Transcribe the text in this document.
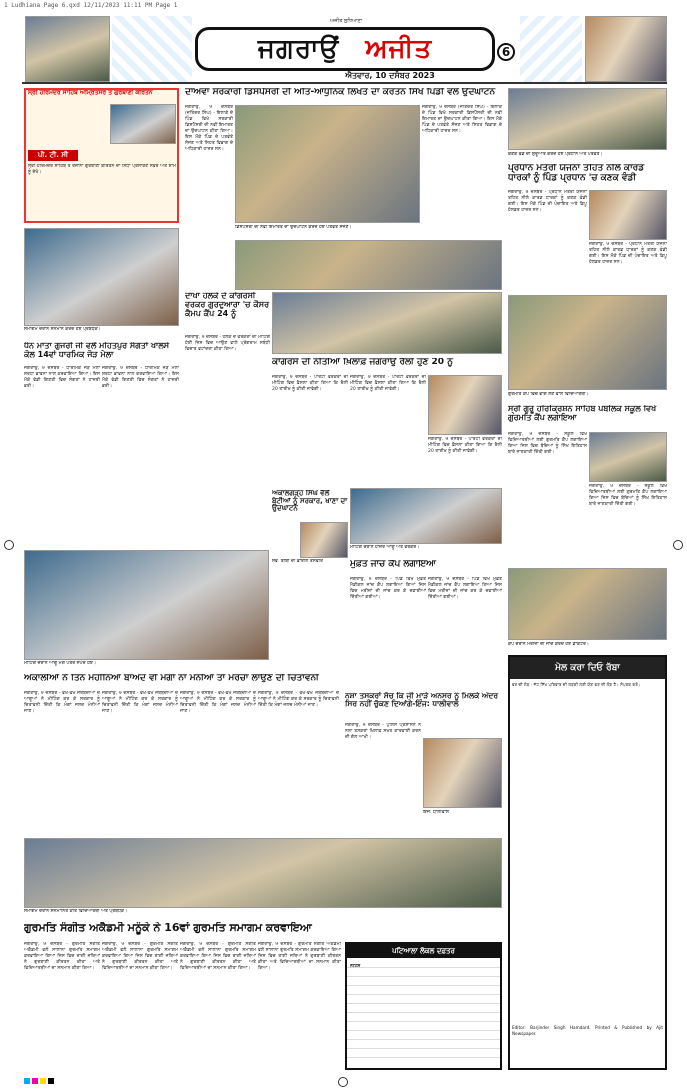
1 Ludhiana Page 6.qxd 12/11/2023 11:11 PM Page 1
ਅਜੀਤ ਲੁਧਿਆਣਾ
ਜਗਰਾਉਂ ਅਜੀਤ
ਐਤਵਾਰ, 10 ਦਸੰਬਰ 2023
6
ਸ੍ਰੀ ਹਰਿਮੰਦਰ ਸਾਹਿਬ ਅੰਮ੍ਰਿਤਸਰ ਤੋਂ ਗੁਰਬਾਣੀ ਕੀਰਤਨ
ਪੀ. ਟੀ. ਸੀ
ਸ੍ਰੀ ਹਰਿਮੰਦਰ ਸਾਹਿਬ ਤੋਂ ਰੋਜ਼ਾਨਾ ਗੁਰਬਾਣੀ ਕੀਰਤਨ ਦਾ ਸਿੱਧਾ ਪ੍ਰਸਾਰਣ ਸਵੇਰੇ ਅਤੇ ਸ਼ਾਮ ਨੂੰ ਦੇਖੋ।
ਦਾਅਵਾ ਸਰਕਾਰੀ ਡਿਸਪੈਂਸਰੀ ਦੀ ਅਤਿ-ਆਧੁਨਿਕ ਲਿਖਤ ਦਾ ਕਰਤਨ ਸਿੱਖ ਪਿੰਡੀ ਵਲੋਂ ਉਦਘਾਟਨ
ਜਗਰਾਉਂ, 9 ਦਸੰਬਰ (ਜਤਿੰਦਰ ਸਿੰਘ) - ਇਲਾਕੇ ਦੇ ਪਿੰਡ ਵਿਖੇ ਸਰਕਾਰੀ ਡਿਸਪੈਂਸਰੀ ਦੀ ਨਵੀਂ ਇਮਾਰਤ ਦਾ ਉਦਘਾਟਨ ਕੀਤਾ ਗਿਆ। ਇਸ ਮੌਕੇ ਪਿੰਡ ਦੇ ਪਤਵੰਤੇ ਸੱਜਣ ਅਤੇ ਸਿਹਤ ਵਿਭਾਗ ਦੇ ਅਧਿਕਾਰੀ ਹਾਜ਼ਰ ਸਨ।
ਜਗਰਾਉਂ, 9 ਦਸੰਬਰ (ਜਤਿੰਦਰ ਸਿੰਘ) - ਇਲਾਕੇ ਦੇ ਪਿੰਡ ਵਿਖੇ ਸਰਕਾਰੀ ਡਿਸਪੈਂਸਰੀ ਦੀ ਨਵੀਂ ਇਮਾਰਤ ਦਾ ਉਦਘਾਟਨ ਕੀਤਾ ਗਿਆ। ਇਸ ਮੌਕੇ ਪਿੰਡ ਦੇ ਪਤਵੰਤੇ ਸੱਜਣ ਅਤੇ ਸਿਹਤ ਵਿਭਾਗ ਦੇ ਅਧਿਕਾਰੀ ਹਾਜ਼ਰ ਸਨ।
ਡਿਸਪੈਂਸਰੀ ਦੀ ਨਵੀਂ ਇਮਾਰਤ ਦਾ ਉਦਘਾਟਨ ਕਰਦੇ ਹੋਏ ਪਤਵੰਤੇ ਸੱਜਣ।
ਕਣਕ ਵੰਡ ਦੀ ਸ਼ੁਰੂਆਤ ਕਰਦੇ ਹੋਏ ਪ੍ਰਧਾਨ ਅਤੇ ਪਤਵੰਤੇ।
ਪ੍ਰਧਾਨ ਮੰਤਰੀ ਯੋਜਨਾ ਤਹਿਤ ਨੀਲੇ ਕਾਰਡ ਧਾਰਕਾਂ ਨੂੰ ਪਿੰਡ ਪ੍ਰਧਾਨ 'ਚ ਕਣਕ ਵੰਡੀ
ਜਗਰਾਉਂ, 9 ਦਸੰਬਰ - ਪ੍ਰਧਾਨ ਮੰਤਰੀ ਯੋਜਨਾ ਤਹਿਤ ਨੀਲੇ ਕਾਰਡ ਧਾਰਕਾਂ ਨੂੰ ਕਣਕ ਵੰਡੀ ਗਈ। ਇਸ ਮੌਕੇ ਪਿੰਡ ਦੀ ਪੰਚਾਇਤ ਅਤੇ ਡਿਪੂ ਹੋਲਡਰ ਹਾਜ਼ਰ ਸਨ।
ਜਗਰਾਉਂ, 9 ਦਸੰਬਰ - ਪ੍ਰਧਾਨ ਮੰਤਰੀ ਯੋਜਨਾ ਤਹਿਤ ਨੀਲੇ ਕਾਰਡ ਧਾਰਕਾਂ ਨੂੰ ਕਣਕ ਵੰਡੀ ਗਈ। ਇਸ ਮੌਕੇ ਪਿੰਡ ਦੀ ਪੰਚਾਇਤ ਅਤੇ ਡਿਪੂ ਹੋਲਡਰ ਹਾਜ਼ਰ ਸਨ।
ਸਮਾਗਮ ਦੌਰਾਨ ਸਨਮਾਨ ਕਰਦੇ ਹੋਏ ਪ੍ਰਬੰਧਕ।
ਧੰਨ ਮਾਤਾ ਗੁਜਰੀ ਜੀ ਵਲੋਂ ਮਹਿਤਪੁਰ ਸੰਗਤਾਂ ਖਾਲਸੇ ਕੋਲ 14ਵਾਂ ਧਾਰਮਿਕ ਜੋੜ ਮੇਲਾ
ਜਗਰਾਉਂ, 9 ਦਸੰਬਰ - ਧਾਰਮਿਕ ਜੋੜ ਮੇਲਾ ਸ਼ਰਧਾ ਭਾਵਨਾ ਨਾਲ ਕਰਵਾਇਆ ਗਿਆ। ਇਸ ਮੌਕੇ ਵੱਡੀ ਗਿਣਤੀ ਵਿਚ ਸੰਗਤਾਂ ਨੇ ਹਾਜ਼ਰੀ ਭਰੀ।
ਜਗਰਾਉਂ, 9 ਦਸੰਬਰ - ਧਾਰਮਿਕ ਜੋੜ ਮੇਲਾ ਸ਼ਰਧਾ ਭਾਵਨਾ ਨਾਲ ਕਰਵਾਇਆ ਗਿਆ। ਇਸ ਮੌਕੇ ਵੱਡੀ ਗਿਣਤੀ ਵਿਚ ਸੰਗਤਾਂ ਨੇ ਹਾਜ਼ਰੀ ਭਰੀ।
ਦਾਖਾ ਹਲਕੇ ਦੇ ਕਾਂਗਰਸੀ ਵਰਕਰ ਗੁਰਦੁਆਰਾ 'ਚ ਕੌਸਰ ਕੈਮਪ ਕੈਂਪ 24 ਨੂੰ
ਜਗਰਾਉਂ, 9 ਦਸੰਬਰ - ਹਲਕੇ ਦੇ ਵਰਕਰਾਂ ਦੀ ਮੀਟਿੰਗ ਹੋਈ ਜਿਸ ਵਿਚ ਆਉਣ ਵਾਲੇ ਪ੍ਰੋਗਰਾਮ ਸਬੰਧੀ ਵਿਚਾਰ ਵਟਾਂਦਰਾ ਕੀਤਾ ਗਿਆ।
ਕਾਂਗਰਸ ਦੀ ਨੀਤੀਆਂ ਖ਼ਿਲਾਫ਼ ਜਗਰਾਉਂ ਰੈਲੀ ਹੁਣ 20 ਨੂੰ
ਜਗਰਾਉਂ, 9 ਦਸੰਬਰ - ਪਾਰਟੀ ਵਰਕਰਾਂ ਦੀ ਮੀਟਿੰਗ ਵਿਚ ਫ਼ੈਸਲਾ ਕੀਤਾ ਗਿਆ ਕਿ ਰੈਲੀ 20 ਤਾਰੀਖ਼ ਨੂੰ ਕੀਤੀ ਜਾਵੇਗੀ।
ਜਗਰਾਉਂ, 9 ਦਸੰਬਰ - ਪਾਰਟੀ ਵਰਕਰਾਂ ਦੀ ਮੀਟਿੰਗ ਵਿਚ ਫ਼ੈਸਲਾ ਕੀਤਾ ਗਿਆ ਕਿ ਰੈਲੀ 20 ਤਾਰੀਖ਼ ਨੂੰ ਕੀਤੀ ਜਾਵੇਗੀ।
ਜਗਰਾਉਂ, 9 ਦਸੰਬਰ - ਪਾਰਟੀ ਵਰਕਰਾਂ ਦੀ ਮੀਟਿੰਗ ਵਿਚ ਫ਼ੈਸਲਾ ਕੀਤਾ ਗਿਆ ਕਿ ਰੈਲੀ 20 ਤਾਰੀਖ਼ ਨੂੰ ਕੀਤੀ ਜਾਵੇਗੀ।
ਮੀਟਿੰਗ ਦੌਰਾਨ ਹਾਜ਼ਰ ਆਗੂ ਅਤੇ ਵਰਕਰ।
ਗੁਰਮਤਿ ਕੈਂਪ ਵਿਚ ਭਾਗ ਲੈਣ ਵਾਲੇ ਵਿਦਿਆਰਥੀ।
ਸ੍ਰੀ ਗੁਰੂ ਹਰਿਕ੍ਰਿਸ਼ਨ ਸਾਹਿਬ ਪਬਲਿਕ ਸਕੂਲ ਵਿਖੇ ਗੁਰਮਤਿ ਕੈਂਪ ਲਗਾਇਆ
ਜਗਰਾਉਂ, 9 ਦਸੰਬਰ - ਸਕੂਲ ਵਿਖੇ ਵਿਦਿਆਰਥੀਆਂ ਲਈ ਗੁਰਮਤਿ ਕੈਂਪ ਲਗਾਇਆ ਗਿਆ ਜਿਸ ਵਿਚ ਬੱਚਿਆਂ ਨੂੰ ਸਿੱਖ ਇਤਿਹਾਸ ਬਾਰੇ ਜਾਣਕਾਰੀ ਦਿੱਤੀ ਗਈ।
ਜਗਰਾਉਂ, 9 ਦਸੰਬਰ - ਸਕੂਲ ਵਿਖੇ ਵਿਦਿਆਰਥੀਆਂ ਲਈ ਗੁਰਮਤਿ ਕੈਂਪ ਲਗਾਇਆ ਗਿਆ ਜਿਸ ਵਿਚ ਬੱਚਿਆਂ ਨੂੰ ਸਿੱਖ ਇਤਿਹਾਸ ਬਾਰੇ ਜਾਣਕਾਰੀ ਦਿੱਤੀ ਗਈ।
ਅਕਾਲਗੜ੍ਹ ਸਿੰਘ ਵੱਲੋਂ ਬੇਟੀਆਂ ਨੂੰ ਸਰਕਾਰ, ਖਾਣਾ ਦਾ ਉਦਘਾਟਨ
ਸਵ. ਬੀਬੀ ਦੀ ਫ਼ਾਈਲ ਤਸਵੀਰ
ਮੀਟਿੰਗ ਦੌਰਾਨ ਆਗੂ ਮੰਗ ਪੱਤਰ ਸੌਂਪਦੇ ਹੋਏ।
ਅਕਾਲੀਆਂ ਨੇ ਤਿੰਨ ਮਹੀਨਿਆਂ ਬਾਅਦ ਵੀ ਮੰਗਾਂ ਨਾ ਮੰਨੀਆਂ ਤਾਂ ਮੋਰਚਾ ਲਾਉਣ ਦੀ ਚਿਤਾਵਨੀ
ਜਗਰਾਉਂ, 9 ਦਸੰਬਰ - ਵੱਖ-ਵੱਖ ਜਥੇਬੰਦੀਆਂ ਦੇ ਆਗੂਆਂ ਨੇ ਮੀਟਿੰਗ ਕਰ ਕੇ ਸਰਕਾਰ ਨੂੰ ਚਿਤਾਵਨੀ ਦਿੱਤੀ ਕਿ ਮੰਗਾਂ ਜਲਦ ਮੰਨੀਆਂ ਜਾਣ।
ਜਗਰਾਉਂ, 9 ਦਸੰਬਰ - ਵੱਖ-ਵੱਖ ਜਥੇਬੰਦੀਆਂ ਦੇ ਆਗੂਆਂ ਨੇ ਮੀਟਿੰਗ ਕਰ ਕੇ ਸਰਕਾਰ ਨੂੰ ਚਿਤਾਵਨੀ ਦਿੱਤੀ ਕਿ ਮੰਗਾਂ ਜਲਦ ਮੰਨੀਆਂ ਜਾਣ।
ਜਗਰਾਉਂ, 9 ਦਸੰਬਰ - ਵੱਖ-ਵੱਖ ਜਥੇਬੰਦੀਆਂ ਦੇ ਆਗੂਆਂ ਨੇ ਮੀਟਿੰਗ ਕਰ ਕੇ ਸਰਕਾਰ ਨੂੰ ਚਿਤਾਵਨੀ ਦਿੱਤੀ ਕਿ ਮੰਗਾਂ ਜਲਦ ਮੰਨੀਆਂ ਜਾਣ।
ਜਗਰਾਉਂ, 9 ਦਸੰਬਰ - ਵੱਖ-ਵੱਖ ਜਥੇਬੰਦੀਆਂ ਦੇ ਆਗੂਆਂ ਨੇ ਮੀਟਿੰਗ ਕਰ ਕੇ ਸਰਕਾਰ ਨੂੰ ਚਿਤਾਵਨੀ ਦਿੱਤੀ ਕਿ ਮੰਗਾਂ ਜਲਦ ਮੰਨੀਆਂ ਜਾਣ।
ਮੁਫ਼ਤ ਜਾਂਚ ਕੈਂਪ ਲਗਾਇਆ
ਜਗਰਾਉਂ, 9 ਦਸੰਬਰ - ਪਿੰਡ ਵਿਖੇ ਮੁਫ਼ਤ ਮੈਡੀਕਲ ਜਾਂਚ ਕੈਂਪ ਲਗਾਇਆ ਗਿਆ ਜਿਸ ਵਿਚ ਮਰੀਜ਼ਾਂ ਦੀ ਜਾਂਚ ਕਰ ਕੇ ਦਵਾਈਆਂ ਦਿੱਤੀਆਂ ਗਈਆਂ।
ਜਗਰਾਉਂ, 9 ਦਸੰਬਰ - ਪਿੰਡ ਵਿਖੇ ਮੁਫ਼ਤ ਮੈਡੀਕਲ ਜਾਂਚ ਕੈਂਪ ਲਗਾਇਆ ਗਿਆ ਜਿਸ ਵਿਚ ਮਰੀਜ਼ਾਂ ਦੀ ਜਾਂਚ ਕਰ ਕੇ ਦਵਾਈਆਂ ਦਿੱਤੀਆਂ ਗਈਆਂ।
ਕੈਂਪ ਦੌਰਾਨ ਮਰੀਜ਼ਾਂ ਦੀ ਜਾਂਚ ਕਰਦੇ ਹੋਏ ਡਾਕਟਰ।
ਨਸ਼ਾ ਤਸਕਰਾਂ ਸੋਚ ਕਿ ਜੀ ਮਾੜੇ ਅਨਸਰ ਨੂੰ ਮਿਲਕੇ ਅੰਦਰ ਸਿਰ ਨਹੀਂ ਚੁੱਕਣ ਦਿਆਂਗੇ-ਇੰਜ: ਧਾਲੀਵਾਲ
ਜਗਰਾਉਂ, 9 ਦਸੰਬਰ - ਪੁਲਿਸ ਪ੍ਰਸ਼ਾਸਨ ਨੇ ਨਸ਼ਾ ਤਸਕਰਾਂ ਖ਼ਿਲਾਫ਼ ਸਖ਼ਤ ਕਾਰਵਾਈ ਕਰਨ ਦੀ ਗੱਲ ਆਖੀ।
ਇੰਜ: ਧਾਲੀਵਾਲ
ਮੇਲ ਕਰਾ ਦਿਓ ਰੱਬਾ
ਵਰ ਦੀ ਲੋੜ - ਜੱਟ ਸਿੱਖ ਪਰਿਵਾਰ ਦੀ ਲੜਕੀ ਲਈ ਯੋਗ ਵਰ ਦੀ ਲੋੜ ਹੈ। ਸੰਪਰਕ ਕਰੋ।
Editor: Barjinder Singh Hamdard. Printed & Published by Ajit Newspaper.
ਸਮਾਗਮ ਦੌਰਾਨ ਸਨਮਾਨਿਤ ਕੀਤੇ ਵਿਦਿਆਰਥੀ ਅਤੇ ਪ੍ਰਬੰਧਕ।
ਗੁਰਮਤਿ ਸੰਗੀਤ ਅਕੈਡਮੀ ਮਨੂੰਕੇ ਨੇ 16ਵਾਂ ਗੁਰਮਤਿ ਸਮਾਗਮ ਕਰਵਾਇਆ
ਜਗਰਾਉਂ, 9 ਦਸੰਬਰ - ਗੁਰਮਤਿ ਸੰਗੀਤ ਅਕੈਡਮੀ ਵਲੋਂ ਸਾਲਾਨਾ ਗੁਰਮਤਿ ਸਮਾਗਮ ਕਰਵਾਇਆ ਗਿਆ ਜਿਸ ਵਿਚ ਰਾਗੀ ਜਥਿਆਂ ਨੇ ਗੁਰਬਾਣੀ ਕੀਰਤਨ ਕੀਤਾ ਅਤੇ ਵਿਦਿਆਰਥੀਆਂ ਦਾ ਸਨਮਾਨ ਕੀਤਾ ਗਿਆ।
ਜਗਰਾਉਂ, 9 ਦਸੰਬਰ - ਗੁਰਮਤਿ ਸੰਗੀਤ ਅਕੈਡਮੀ ਵਲੋਂ ਸਾਲਾਨਾ ਗੁਰਮਤਿ ਸਮਾਗਮ ਕਰਵਾਇਆ ਗਿਆ ਜਿਸ ਵਿਚ ਰਾਗੀ ਜਥਿਆਂ ਨੇ ਗੁਰਬਾਣੀ ਕੀਰਤਨ ਕੀਤਾ ਅਤੇ ਵਿਦਿਆਰਥੀਆਂ ਦਾ ਸਨਮਾਨ ਕੀਤਾ ਗਿਆ।
ਜਗਰਾਉਂ, 9 ਦਸੰਬਰ - ਗੁਰਮਤਿ ਸੰਗੀਤ ਅਕੈਡਮੀ ਵਲੋਂ ਸਾਲਾਨਾ ਗੁਰਮਤਿ ਸਮਾਗਮ ਕਰਵਾਇਆ ਗਿਆ ਜਿਸ ਵਿਚ ਰਾਗੀ ਜਥਿਆਂ ਨੇ ਗੁਰਬਾਣੀ ਕੀਰਤਨ ਕੀਤਾ ਅਤੇ ਵਿਦਿਆਰਥੀਆਂ ਦਾ ਸਨਮਾਨ ਕੀਤਾ ਗਿਆ।
ਜਗਰਾਉਂ, 9 ਦਸੰਬਰ - ਗੁਰਮਤਿ ਸੰਗੀਤ ਅਕੈਡਮੀ ਵਲੋਂ ਸਾਲਾਨਾ ਗੁਰਮਤਿ ਸਮਾਗਮ ਕਰਵਾਇਆ ਗਿਆ ਜਿਸ ਵਿਚ ਰਾਗੀ ਜਥਿਆਂ ਨੇ ਗੁਰਬਾਣੀ ਕੀਰਤਨ ਕੀਤਾ ਅਤੇ ਵਿਦਿਆਰਥੀਆਂ ਦਾ ਸਨਮਾਨ ਕੀਤਾ ਗਿਆ।
ਪਟਿਆਲਾ ਲੋਕਲ ਦਫ਼ਤਰ
ਨੋਟਿਸ
